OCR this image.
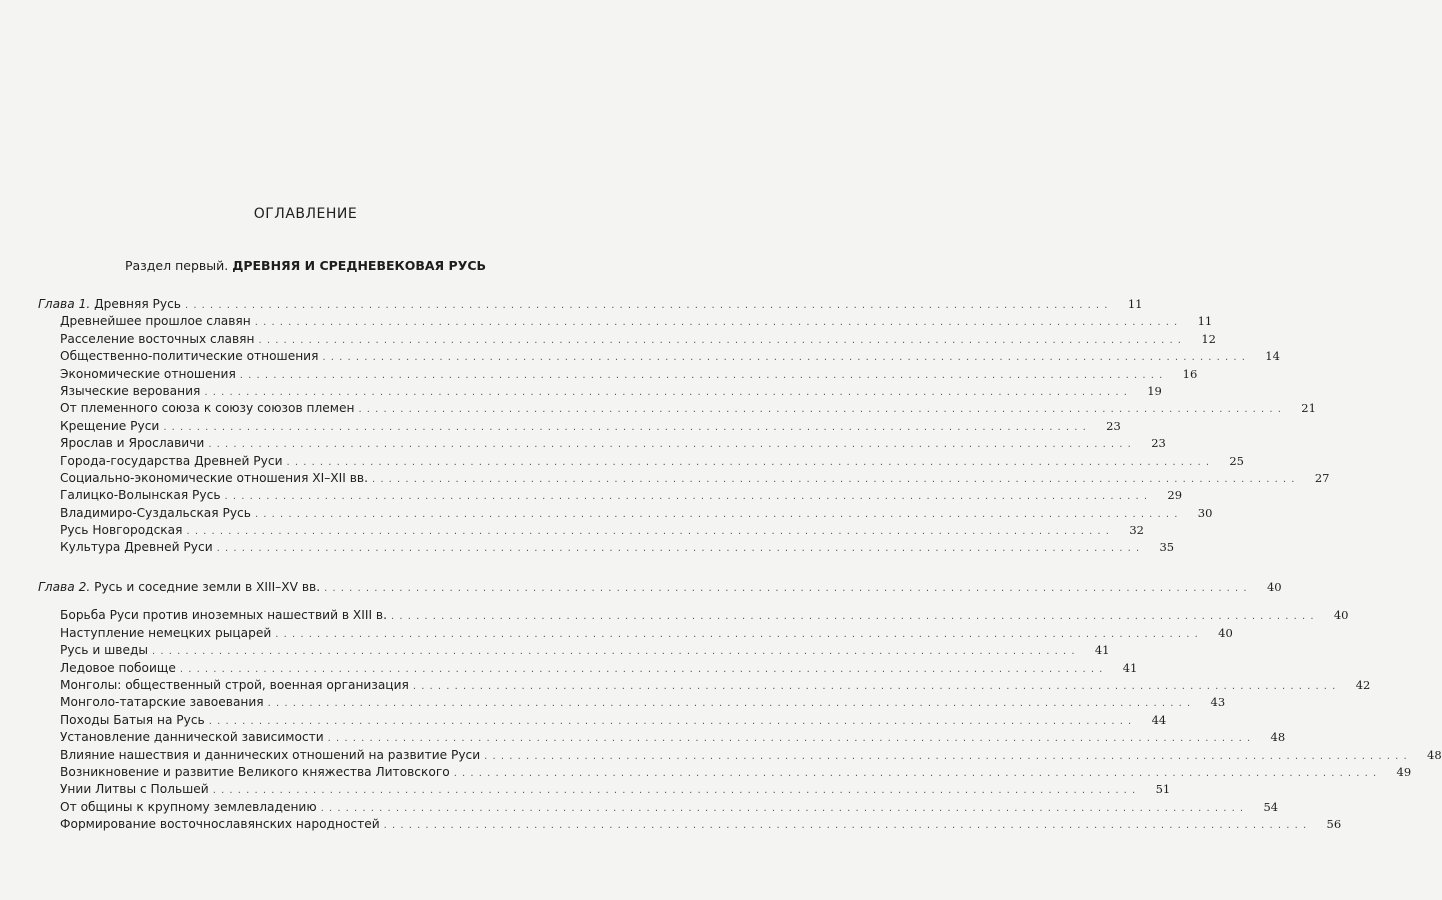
ОГЛАВЛЕНИЕ
Раздел первый. ДРЕВНЯЯ И СРЕДНЕВЕКОВАЯ РУСЬ
Глава 1. Древняя Русь . . . . . . . . . . . . . . . . . . . . . . . . . . . . . . . . . . . . . . . . . . . . . . . . . . . . . . . . . . . . . . . . . . . . . . . . . . . . . . . . . . . . . . . . . . . . . . . . . . . . . . . . . . . . . . .	11
Древнейшее прошлое славян . . . . . . . . . . . . . . . . . . . . . . . . . . . . . . . . . . . . . . . . . . . . . . . . . . . . . . . . . . . . . . . . . . . . . . . . . . . . . . . . . . . . . . . . . . . . . . . . . . . . . . . . . . . . . . .	11
Расселение восточных славян . . . . . . . . . . . . . . . . . . . . . . . . . . . . . . . . . . . . . . . . . . . . . . . . . . . . . . . . . . . . . . . . . . . . . . . . . . . . . . . . . . . . . . . . . . . . . . . . . . . . . . . . . . . . . . .	12
Общественно-политические отношения . . . . . . . . . . . . . . . . . . . . . . . . . . . . . . . . . . . . . . . . . . . . . . . . . . . . . . . . . . . . . . . . . . . . . . . . . . . . . . . . . . . . . . . . . . . . . . . . . . . . . . . . . . . . . . .	14
Экономические отношения . . . . . . . . . . . . . . . . . . . . . . . . . . . . . . . . . . . . . . . . . . . . . . . . . . . . . . . . . . . . . . . . . . . . . . . . . . . . . . . . . . . . . . . . . . . . . . . . . . . . . . . . . . . . . . .	16
Языческие верования . . . . . . . . . . . . . . . . . . . . . . . . . . . . . . . . . . . . . . . . . . . . . . . . . . . . . . . . . . . . . . . . . . . . . . . . . . . . . . . . . . . . . . . . . . . . . . . . . . . . . . . . . . . . . . .	19
От племенного союза к союзу союзов племен . . . . . . . . . . . . . . . . . . . . . . . . . . . . . . . . . . . . . . . . . . . . . . . . . . . . . . . . . . . . . . . . . . . . . . . . . . . . . . . . . . . . . . . . . . . . . . . . . . . . . . . . . . . . . . .	21
Крещение Руси . . . . . . . . . . . . . . . . . . . . . . . . . . . . . . . . . . . . . . . . . . . . . . . . . . . . . . . . . . . . . . . . . . . . . . . . . . . . . . . . . . . . . . . . . . . . . . . . . . . . . . . . . . . . . . .	23
Ярослав и Ярославичи . . . . . . . . . . . . . . . . . . . . . . . . . . . . . . . . . . . . . . . . . . . . . . . . . . . . . . . . . . . . . . . . . . . . . . . . . . . . . . . . . . . . . . . . . . . . . . . . . . . . . . . . . . . . . . .	23
Города-государства Древней Руси . . . . . . . . . . . . . . . . . . . . . . . . . . . . . . . . . . . . . . . . . . . . . . . . . . . . . . . . . . . . . . . . . . . . . . . . . . . . . . . . . . . . . . . . . . . . . . . . . . . . . . . . . . . . . . .	25
Социально-экономические отношения XI–XII вв. . . . . . . . . . . . . . . . . . . . . . . . . . . . . . . . . . . . . . . . . . . . . . . . . . . . . . . . . . . . . . . . . . . . . . . . . . . . . . . . . . . . . . . . . . . . . . . . . . . . . . . . . . . . . . . .	27
Галицко-Волынская Русь . . . . . . . . . . . . . . . . . . . . . . . . . . . . . . . . . . . . . . . . . . . . . . . . . . . . . . . . . . . . . . . . . . . . . . . . . . . . . . . . . . . . . . . . . . . . . . . . . . . . . . . . . . . . . . .	29
Владимиро-Суздальская Русь . . . . . . . . . . . . . . . . . . . . . . . . . . . . . . . . . . . . . . . . . . . . . . . . . . . . . . . . . . . . . . . . . . . . . . . . . . . . . . . . . . . . . . . . . . . . . . . . . . . . . . . . . . . . . . .	30
Русь Новгородская . . . . . . . . . . . . . . . . . . . . . . . . . . . . . . . . . . . . . . . . . . . . . . . . . . . . . . . . . . . . . . . . . . . . . . . . . . . . . . . . . . . . . . . . . . . . . . . . . . . . . . . . . . . . . . .	32
Культура Древней Руси . . . . . . . . . . . . . . . . . . . . . . . . . . . . . . . . . . . . . . . . . . . . . . . . . . . . . . . . . . . . . . . . . . . . . . . . . . . . . . . . . . . . . . . . . . . . . . . . . . . . . . . . . . . . . . .	35
Глава 2. Русь и соседние земли в XIII–XV вв. . . . . . . . . . . . . . . . . . . . . . . . . . . . . . . . . . . . . . . . . . . . . . . . . . . . . . . . . . . . . . . . . . . . . . . . . . . . . . . . . . . . . . . . . . . . . . . . . . . . . . . . . . . . . . . .	40
Борьба Руси против иноземных нашествий в XIII в. . . . . . . . . . . . . . . . . . . . . . . . . . . . . . . . . . . . . . . . . . . . . . . . . . . . . . . . . . . . . . . . . . . . . . . . . . . . . . . . . . . . . . . . . . . . . . . . . . . . . . . . . . . . . . . .	40
Наступление немецких рыцарей . . . . . . . . . . . . . . . . . . . . . . . . . . . . . . . . . . . . . . . . . . . . . . . . . . . . . . . . . . . . . . . . . . . . . . . . . . . . . . . . . . . . . . . . . . . . . . . . . . . . . . . . . . . . . . .	40
Русь и шведы . . . . . . . . . . . . . . . . . . . . . . . . . . . . . . . . . . . . . . . . . . . . . . . . . . . . . . . . . . . . . . . . . . . . . . . . . . . . . . . . . . . . . . . . . . . . . . . . . . . . . . . . . . . . . . .	41
Ледовое побоище . . . . . . . . . . . . . . . . . . . . . . . . . . . . . . . . . . . . . . . . . . . . . . . . . . . . . . . . . . . . . . . . . . . . . . . . . . . . . . . . . . . . . . . . . . . . . . . . . . . . . . . . . . . . . . .	41
Монголы: общественный строй, военная организация . . . . . . . . . . . . . . . . . . . . . . . . . . . . . . . . . . . . . . . . . . . . . . . . . . . . . . . . . . . . . . . . . . . . . . . . . . . . . . . . . . . . . . . . . . . . . . . . . . . . . . . . . . . . . . .	42
Монголо-татарские завоевания . . . . . . . . . . . . . . . . . . . . . . . . . . . . . . . . . . . . . . . . . . . . . . . . . . . . . . . . . . . . . . . . . . . . . . . . . . . . . . . . . . . . . . . . . . . . . . . . . . . . . . . . . . . . . . .	43
Походы Батыя на Русь . . . . . . . . . . . . . . . . . . . . . . . . . . . . . . . . . . . . . . . . . . . . . . . . . . . . . . . . . . . . . . . . . . . . . . . . . . . . . . . . . . . . . . . . . . . . . . . . . . . . . . . . . . . . . . .	44
Установление даннической зависимости . . . . . . . . . . . . . . . . . . . . . . . . . . . . . . . . . . . . . . . . . . . . . . . . . . . . . . . . . . . . . . . . . . . . . . . . . . . . . . . . . . . . . . . . . . . . . . . . . . . . . . . . . . . . . . .	48
Влияние нашествия и даннических отношений на развитие Руси . . . . . . . . . . . . . . . . . . . . . . . . . . . . . . . . . . . . . . . . . . . . . . . . . . . . . . . . . . . . . . . . . . . . . . . . . . . . . . . . . . . . . . . . . . . . . . . . . . . . . . . . . . . . . . .	48
Возникновение и развитие Великого княжества Литовского . . . . . . . . . . . . . . . . . . . . . . . . . . . . . . . . . . . . . . . . . . . . . . . . . . . . . . . . . . . . . . . . . . . . . . . . . . . . . . . . . . . . . . . . . . . . . . . . . . . . . . . . . . . . . . .	49
Унии Литвы с Польшей . . . . . . . . . . . . . . . . . . . . . . . . . . . . . . . . . . . . . . . . . . . . . . . . . . . . . . . . . . . . . . . . . . . . . . . . . . . . . . . . . . . . . . . . . . . . . . . . . . . . . . . . . . . . . . .	51
От общины к крупному землевладению . . . . . . . . . . . . . . . . . . . . . . . . . . . . . . . . . . . . . . . . . . . . . . . . . . . . . . . . . . . . . . . . . . . . . . . . . . . . . . . . . . . . . . . . . . . . . . . . . . . . . . . . . . . . . . .	54
Формирование восточнославянских народностей . . . . . . . . . . . . . . . . . . . . . . . . . . . . . . . . . . . . . . . . . . . . . . . . . . . . . . . . . . . . . . . . . . . . . . . . . . . . . . . . . . . . . . . . . . . . . . . . . . . . . . . . . . . . . . .	56
